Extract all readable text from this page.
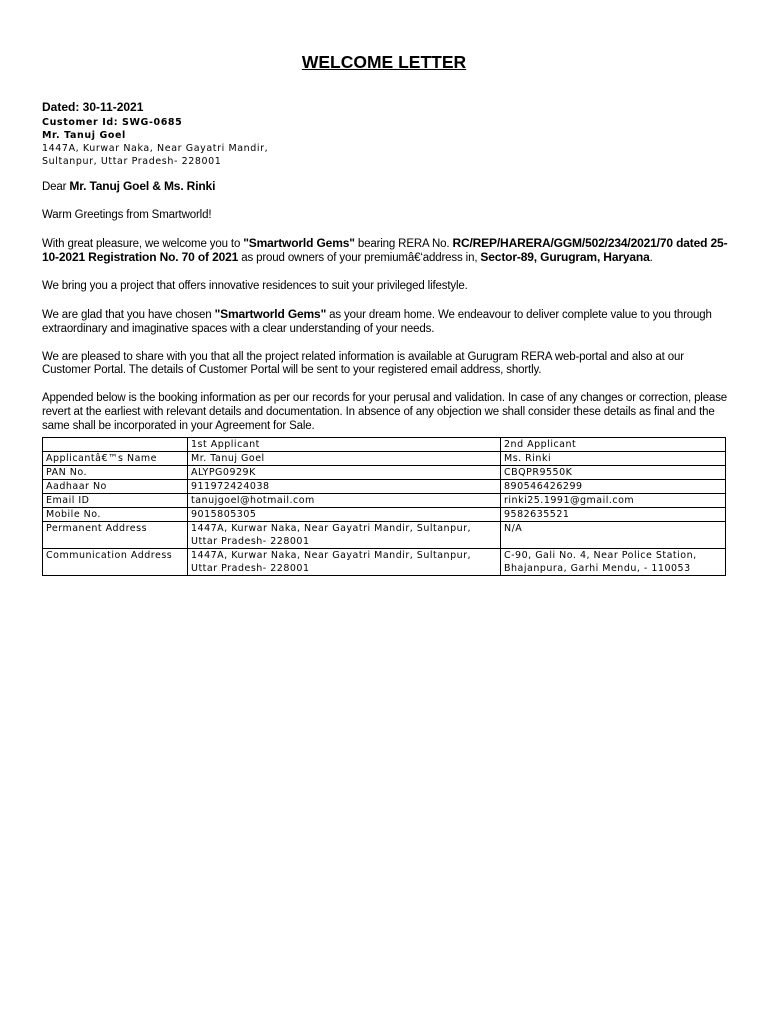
WELCOME LETTER
Dated: 30-11-2021
Customer Id: SWG-0685
Mr. Tanuj Goel
1447A, Kurwar Naka, Near Gayatri Mandir,
Sultanpur, Uttar Pradesh- 228001

Dear Mr. Tanuj Goel & Ms. Rinki

Warm Greetings from Smartworld!

With great pleasure, we welcome you to "Smartworld Gems" bearing RERA No. RC/REP/HARERA/GGM/502/234/2021/70 dated 25-10-2021 Registration No. 70 of 2021 as proud owners of your premiumâ€‘address in, Sector-89, Gurugram, Haryana.

We bring you a project that offers innovative residences to suit your privileged lifestyle.

We are glad that you have chosen "Smartworld Gems" as your dream home. We endeavour to deliver complete value to you through extraordinary and imaginative spaces with a clear understanding of your needs.

We are pleased to share with you that all the project related information is available at Gurugram RERA web-portal and also at our Customer Portal. The details of Customer Portal will be sent to your registered email address, shortly.

Appended below is the booking information as per our records for your perusal and validation. In case of any changes or correction, please revert at the earliest with relevant details and documentation. In absence of any objection we shall consider these details as final and the same shall be incorporated in your Agreement for Sale.

	1st Applicant	2nd Applicant
Applicantâ€™s Name	Mr. Tanuj Goel	Ms. Rinki
PAN No.	ALYPG0929K	CBQPR9550K
Aadhaar No	911972424038	890546426299
Email ID	tanujgoel@hotmail.com	rinki25.1991@gmail.com
Mobile No.	9015805305	9582635521
Permanent Address	1447A, Kurwar Naka, Near Gayatri Mandir, Sultanpur, Uttar Pradesh- 228001	N/A
Communication Address	1447A, Kurwar Naka, Near Gayatri Mandir, Sultanpur, Uttar Pradesh- 228001	C-90, Gali No. 4, Near Police Station, Bhajanpura, Garhi Mendu, - 110053
